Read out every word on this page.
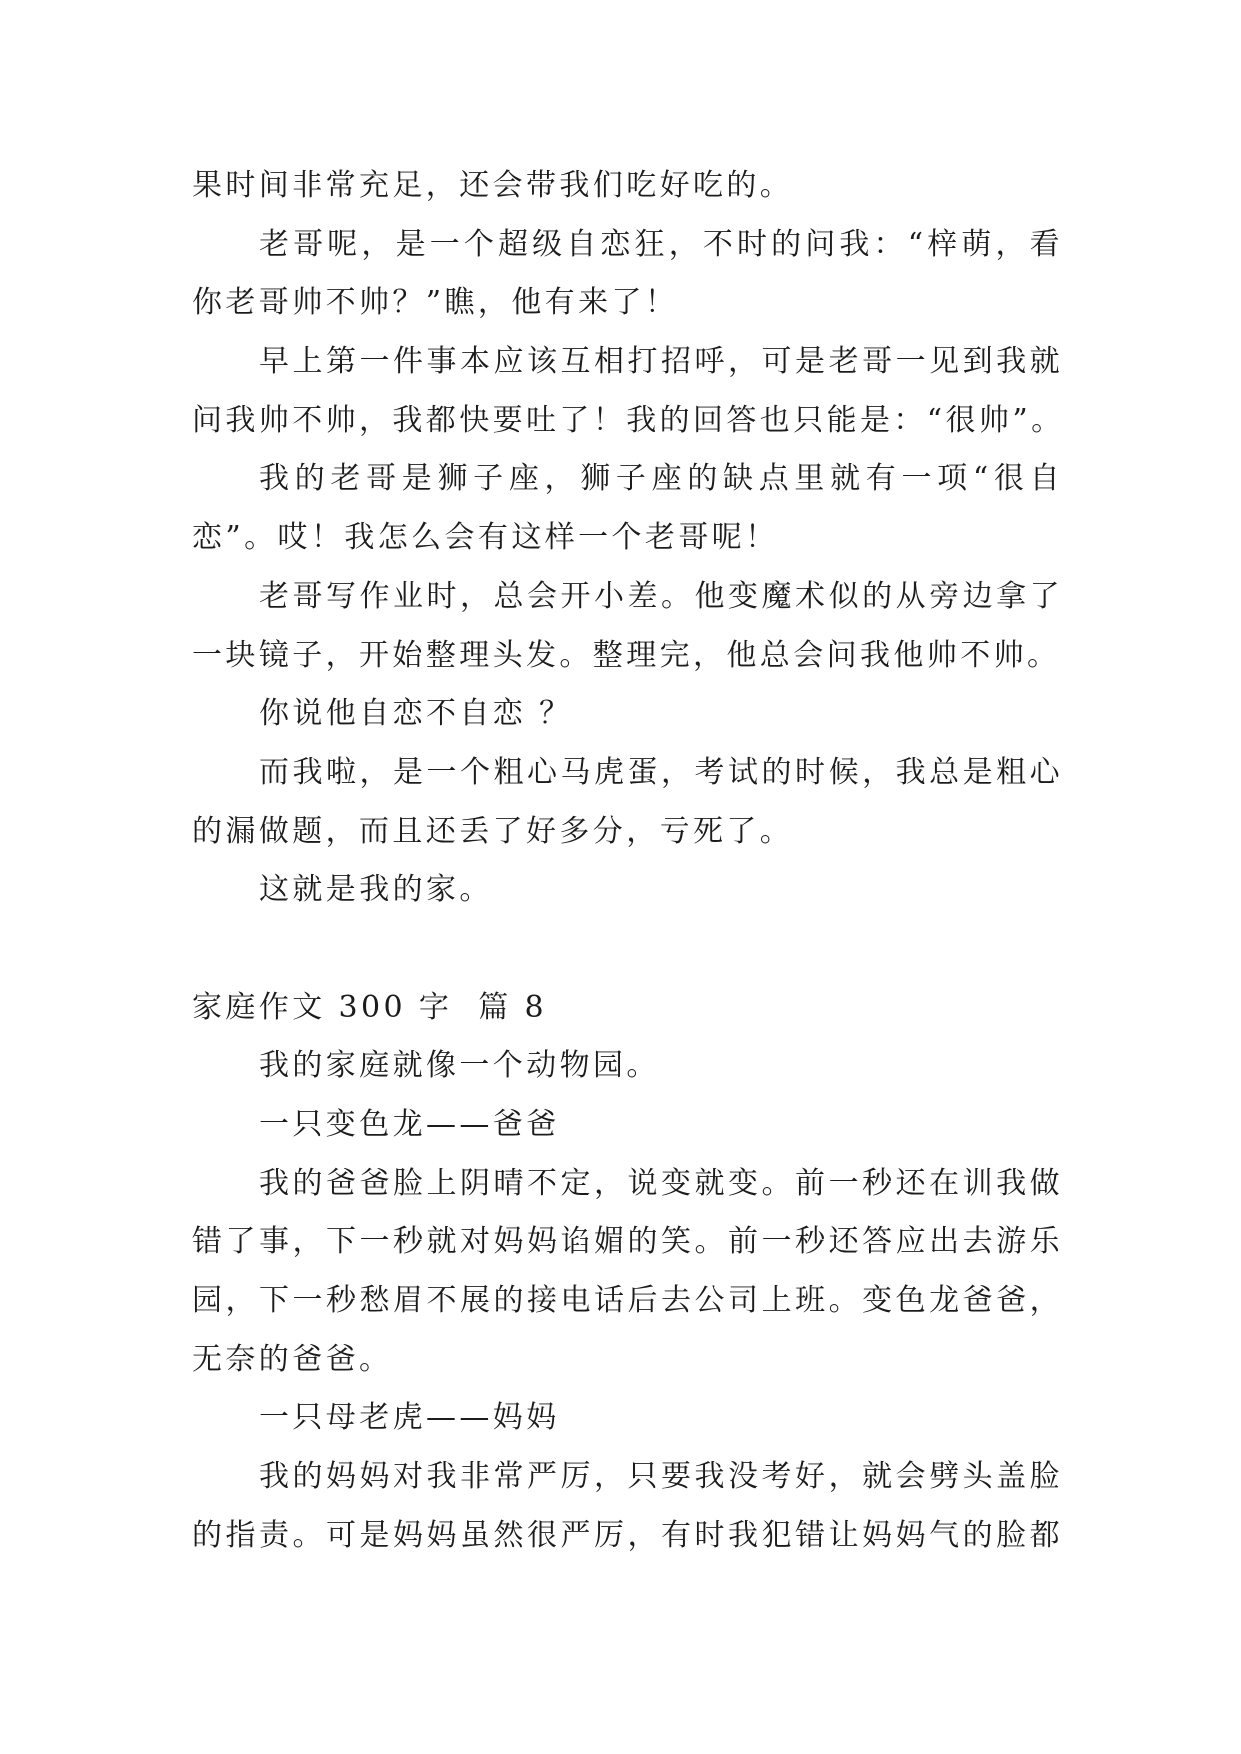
果时间非常充足，还会带我们吃好吃的。
老哥呢，是一个超级自恋狂，不时的问我：“梓萌，看
你老哥帅不帅？”瞧，他有来了！
早上第一件事本应该互相打招呼，可是老哥一见到我就
问我帅不帅，我都快要吐了！我的回答也只能是：“很帅”。
我的老哥是狮子座，狮子座的缺点里就有一项“很自
恋”。哎！我怎么会有这样一个老哥呢！
老哥写作业时，总会开小差。他变魔术似的从旁边拿了
一块镜子，开始整理头发。整理完，他总会问我他帅不帅。
你说他自恋不自恋 ？
而我啦，是一个粗心马虎蛋，考试的时候，我总是粗心
的漏做题，而且还丢了好多分，亏死了。
这就是我的家。
家庭作文 300 字  篇 8
我的家庭就像一个动物园。
一只变色龙——爸爸
我的爸爸脸上阴晴不定，说变就变。前一秒还在训我做
错了事，下一秒就对妈妈谄媚的笑。前一秒还答应出去游乐
园，下一秒愁眉不展的接电话后去公司上班。变色龙爸爸，
无奈的爸爸。
一只母老虎——妈妈
我的妈妈对我非常严厉，只要我没考好，就会劈头盖脸
的指责。可是妈妈虽然很严厉，有时我犯错让妈妈气的脸都
